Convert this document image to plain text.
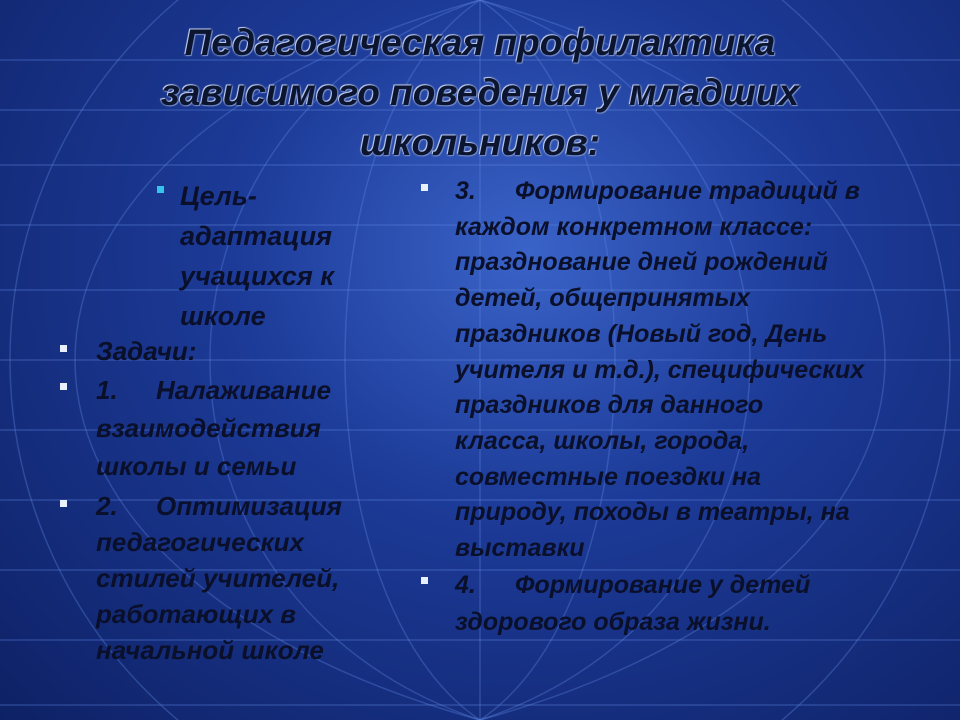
Педагогическая профилактика
зависимого поведения у младших
школьников:
Цель-
адаптация
учащихся к
школе
Задачи:
1. Налаживание
взаимодействия
школы и семьи
2. Оптимизация
педагогических
стилей учителей,
работающих в
начальной школе
3. Формирование традиций в
каждом конкретном классе:
празднование дней рождений
детей, общепринятых
праздников (Новый год, День
учителя и т.д.), специфических
праздников для данного
класса, школы, города,
совместные поездки на
природу, походы в театры, на
выставки
4. Формирование у детей
здорового образа жизни.
